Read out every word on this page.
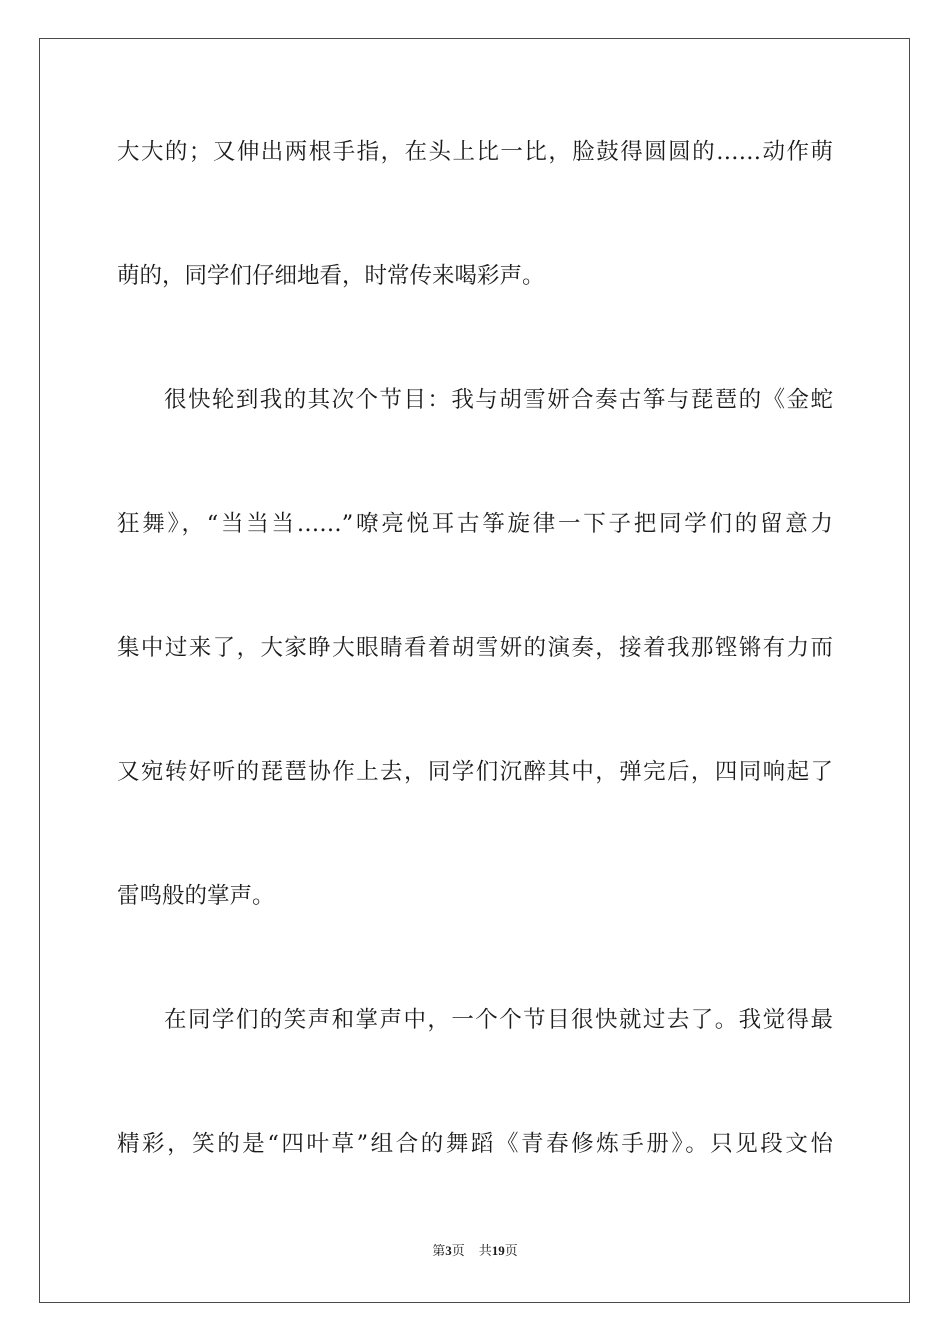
大大的；又伸出两根手指，在头上比一比，脸鼓得圆圆的……动作萌

萌的，同学们仔细地看，时常传来喝彩声。

很快轮到我的其次个节目：我与胡雪妍合奏古筝与琵琶的《金蛇

狂舞》，“当当当……”嘹亮悦耳古筝旋律一下子把同学们的留意力

集中过来了，大家睁大眼睛看着胡雪妍的演奏，接着我那铿锵有力而

又宛转好听的琵琶协作上去，同学们沉醉其中，弹完后，四同响起了

雷鸣般的掌声。

在同学们的笑声和掌声中，一个个节目很快就过去了。我觉得最

精彩，笑的是“四叶草”组合的舞蹈《青春修炼手册》。只见段文怡

第3页 共19页
